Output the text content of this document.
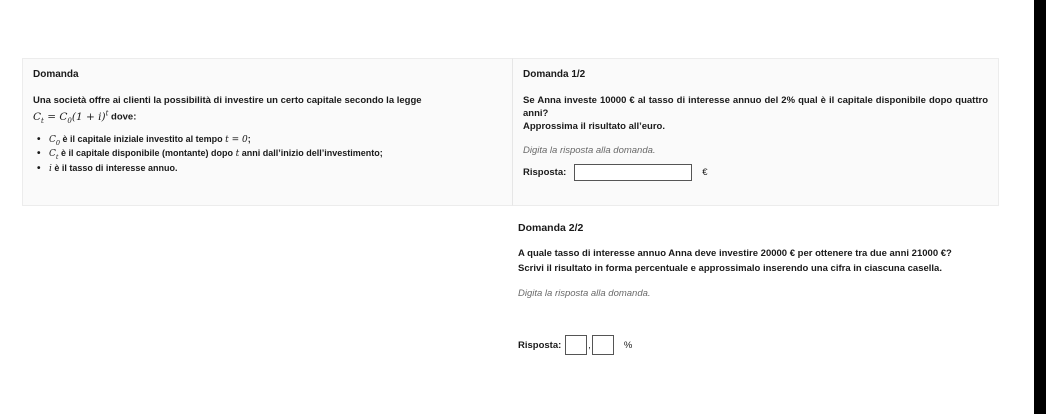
Domanda
Una società offre ai clienti la possibilità di investire un certo capitale secondo la legge
$C_t = C_0(1 + i)^t$ dove:
• $C_0$ è il capitale iniziale investito al tempo t = 0;
• $C_t$ è il capitale disponibile (montante) dopo t anni dall’inizio dell’investimento;
• i è il tasso di interesse annuo.
Domanda 1/2
Se Anna investe 10000 € al tasso di interesse annuo del 2% qual è il capitale disponibile dopo quattro anni?
Approssima il risultato all’euro.
Digita la risposta alla domanda.
Risposta:	€
Domanda 2/2
A quale tasso di interesse annuo Anna deve investire 20000 € per ottenere tra due anni 21000 €?
Scrivi il risultato in forma percentuale e approssimalo inserendo una cifra in ciascuna casella.
Digita la risposta alla domanda.
Risposta:	,	%
